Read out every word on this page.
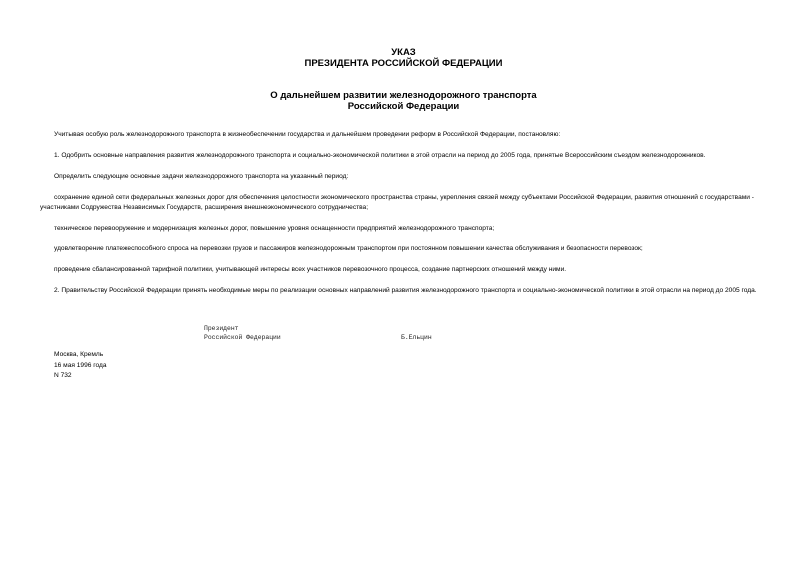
УКАЗ
ПРЕЗИДЕНТА РОССИЙСКОЙ ФЕДЕРАЦИИ
О дальнейшем развитии железнодорожного транспорта
Российской Федерации

Учитывая особую роль железнодорожного транспорта в жизнеобеспечении государства и дальнейшем проведении реформ в Российской Федерации, постановляю:

1. Одобрить основные направления развития железнодорожного транспорта и социально-экономической политики в этой отрасли на период до 2005 года, принятые Всероссийским съездом железнодорожников.

Определить следующие основные задачи железнодорожного транспорта на указанный период:

сохранение единой сети федеральных железных дорог для обеспечения целостности экономического пространства страны, укрепления связей между субъектами Российской Федерации, развития отношений с государствами - участниками Содружества Независимых Государств, расширения внешнеэкономического сотрудничества;

техническое перевооружение и модернизация железных дорог, повышение уровня оснащенности предприятий железнодорожного транспорта;

удовлетворение платежеспособного спроса на перевозки грузов и пассажиров железнодорожным транспортом при постоянном повышении качества обслуживания и безопасности перевозок;

проведение сбалансированной тарифной политики, учитывающей интересы всех участников перевозочного процесса, создание партнерских отношений между ними.

2. Правительству Российской Федерации принять необходимые меры по реализации основных направлений развития железнодорожного транспорта и социально-экономической политики в этой отрасли на период до 2005 года.

Президент
Российской Федерации	Б.Ельцин
Москва, Кремль
16 мая 1996 года
N 732
